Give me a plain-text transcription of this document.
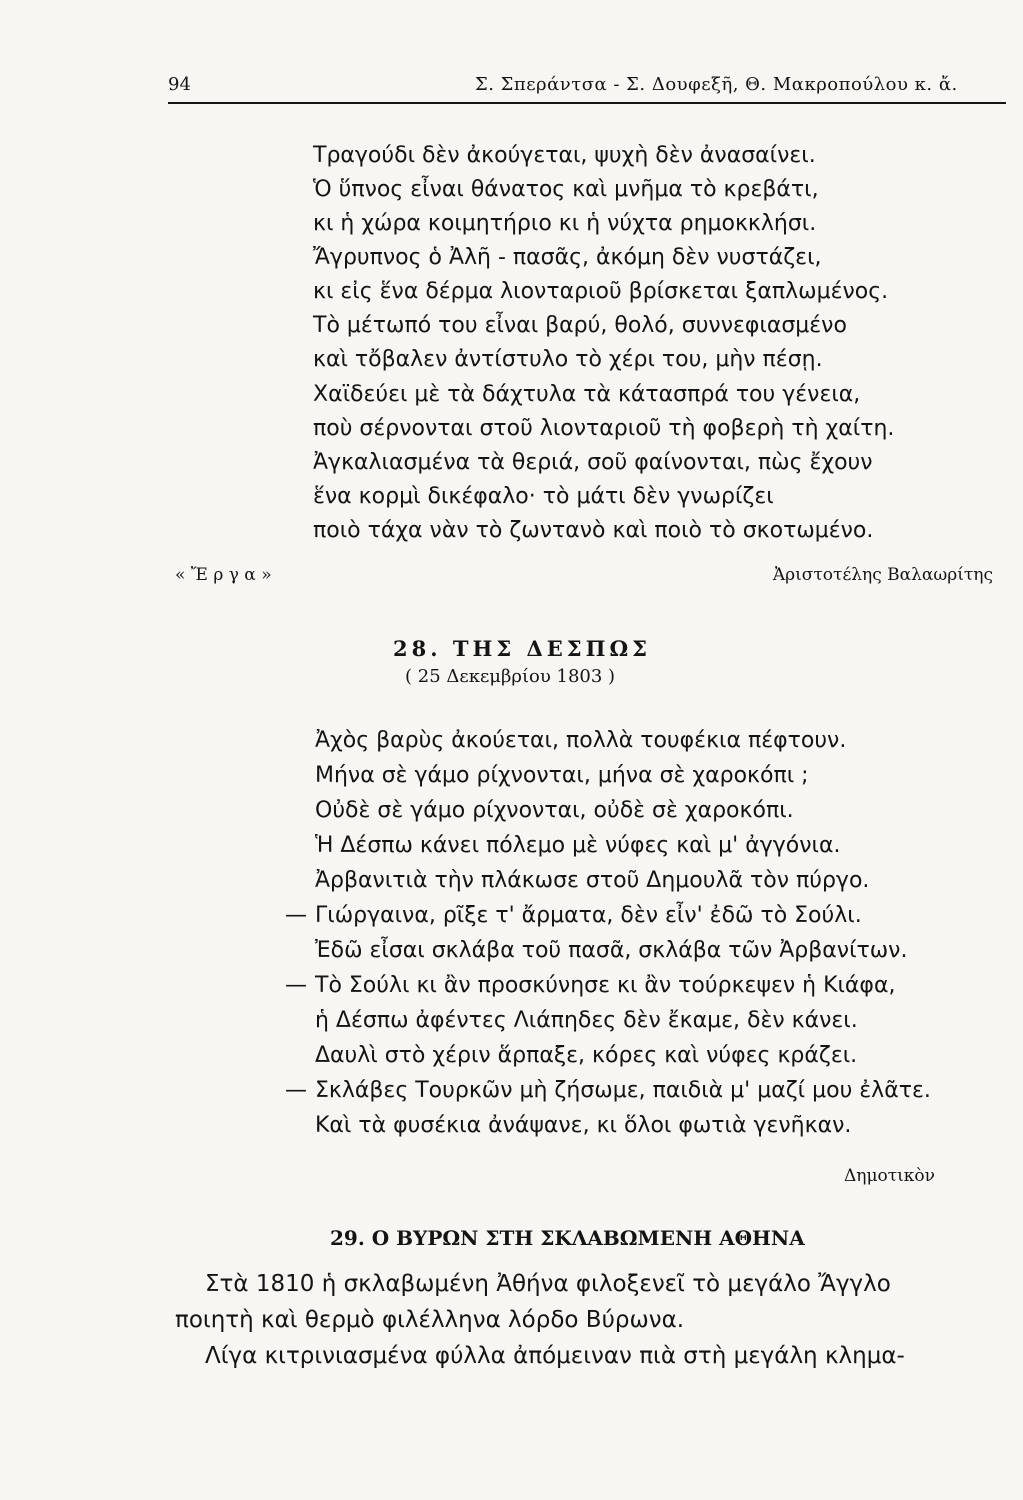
94	Σ. Σπεράντσα - Σ. Δουφεξῆ, Θ. Μακροπούλου κ. ἄ.
Τραγούδι δὲν ἀκούγεται, ψυχὴ δὲν ἀνασαίνει.
Ὁ ὕπνος εἶναι θάνατος καὶ μνῆμα τὸ κρεβάτι,
κι ἡ χώρα κοιμητήριο κι ἡ νύχτα ρημοκκλήσι.
Ἄγρυπνος ὁ Ἀλῆ - πασᾶς, ἀκόμη δὲν νυστάζει,
κι εἰς ἕνα δέρμα λιονταριοῦ βρίσκεται ξαπλωμένος.
Τὸ μέτωπό του εἶναι βαρύ, θολό, συννεφιασμένο
καὶ τὄβαλεν ἀντίστυλο τὸ χέρι του, μὴν πέσῃ.
Χαϊδεύει μὲ τὰ δάχτυλα τὰ κάτασπρά του γένεια,
ποὺ σέρνονται στοῦ λιονταριοῦ τὴ φοβερὴ τὴ χαίτη.
Ἀγκαλιασμένα τὰ θεριά, σοῦ φαίνονται, πὼς ἔχουν
ἕνα κορμὶ δικέφαλο· τὸ μάτι δὲν γνωρίζει
ποιὸ τάχα νὰν τὸ ζωντανὸ καὶ ποιὸ τὸ σκοτωμένο.
« Ἔ ρ γ α »	Ἀριστοτέλης Βαλαωρίτης
28. ΤΗΣ ΔΕΣΠΩΣ
( 25 Δεκεμβρίου 1803 )
Ἀχὸς βαρὺς ἀκούεται, πολλὰ τουφέκια πέφτουν.
Μήνα σὲ γάμο ρίχνονται, μήνα σὲ χαροκόπι ;
Οὐδὲ σὲ γάμο ρίχνονται, οὐδὲ σὲ χαροκόπι.
Ἡ Δέσπω κάνει πόλεμο μὲ νύφες καὶ μ' ἀγγόνια.
Ἀρβανιτιὰ τὴν πλάκωσε στοῦ Δημουλᾶ τὸν πύργο.
— Γιώργαινα, ρῖξε τ' ἄρματα, δὲν εἶν' ἐδῶ τὸ Σούλι.
Ἐδῶ εἶσαι σκλάβα τοῦ πασᾶ, σκλάβα τῶν Ἀρβανίτων.
— Τὸ Σούλι κι ἂν προσκύνησε κι ἂν τούρκεψεν ἡ Κιάφα,
ἡ Δέσπω ἀφέντες Λιάπηδες δὲν ἔκαμε, δὲν κάνει.
Δαυλὶ στὸ χέριν ἅρπαξε, κόρες καὶ νύφες κράζει.
— Σκλάβες Τουρκῶν μὴ ζήσωμε, παιδιὰ μ' μαζί μου ἐλᾶτε.
Καὶ τὰ φυσέκια ἀνάψανε, κι ὅλοι φωτιὰ γενῆκαν.
Δημοτικὸν
29. Ο ΒΥΡΩΝ ΣΤΗ ΣΚΛΑΒΩΜΕΝΗ ΑΘΗΝΑ
Στὰ 1810 ἡ σκλαβωμένη Ἀθήνα φιλοξενεῖ τὸ μεγάλο Ἄγγλο
ποιητὴ καὶ θερμὸ φιλέλληνα λόρδο Βύρωνα.
Λίγα κιτρινιασμένα φύλλα ἀπόμειναν πιὰ στὴ μεγάλη κλημα-
